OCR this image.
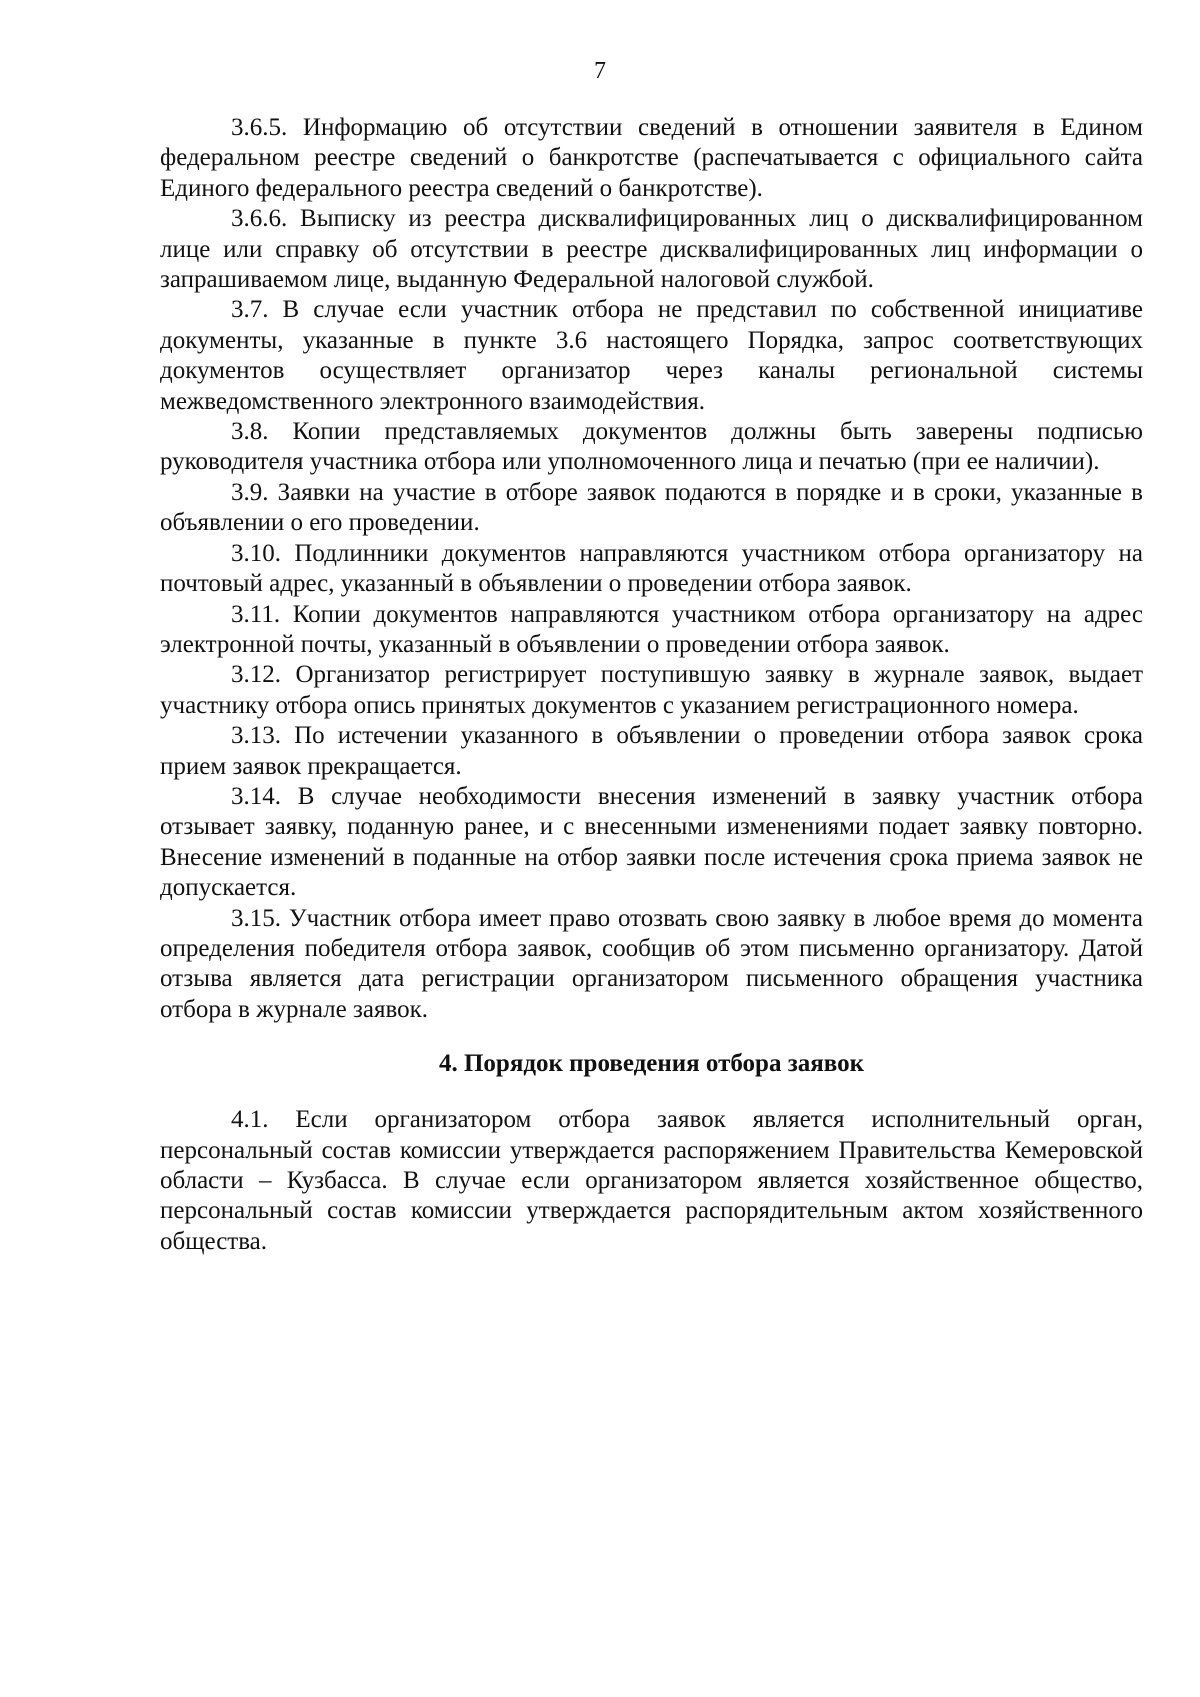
7

3.6.5. Информацию об отсутствии сведений в отношении заявителя в Едином федеральном реестре сведений о банкротстве (распечатывается с официального сайта Единого федерального реестра сведений о банкротстве).

3.6.6. Выписку из реестра дисквалифицированных лиц о дисквалифицированном лице или справку об отсутствии в реестре дисквалифицированных лиц информации о запрашиваемом лице, выданную Федеральной налоговой службой.

3.7. В случае если участник отбора не представил по собственной инициативе документы, указанные в пункте 3.6 настоящего Порядка, запрос соответствующих документов осуществляет организатор через каналы региональной системы межведомственного электронного взаимодействия.

3.8. Копии представляемых документов должны быть заверены подписью руководителя участника отбора или уполномоченного лица и печатью (при ее наличии).

3.9. Заявки на участие в отборе заявок подаются в порядке и в сроки, указанные в объявлении о его проведении.

3.10. Подлинники документов направляются участником отбора организатору на почтовый адрес, указанный в объявлении о проведении отбора заявок.

3.11. Копии документов направляются участником отбора организатору на адрес электронной почты, указанный в объявлении о проведении отбора заявок.

3.12. Организатор регистрирует поступившую заявку в журнале заявок, выдает участнику отбора опись принятых документов с указанием регистрационного номера.

3.13. По истечении указанного в объявлении о проведении отбора заявок срока прием заявок прекращается.

3.14. В случае необходимости внесения изменений в заявку участник отбора отзывает заявку, поданную ранее, и с внесенными изменениями подает заявку повторно. Внесение изменений в поданные на отбор заявки после истечения срока приема заявок не допускается.

3.15. Участник отбора имеет право отозвать свою заявку в любое время до момента определения победителя отбора заявок, сообщив об этом письменно организатору. Датой отзыва является дата регистрации организатором письменного обращения участника отбора в журнале заявок.

4. Порядок проведения отбора заявок

4.1. Если организатором отбора заявок является исполнительный орган, персональный состав комиссии утверждается распоряжением Правительства Кемеровской области – Кузбасса. В случае если организатором является хозяйственное общество, персональный состав комиссии утверждается распорядительным актом хозяйственного общества.
